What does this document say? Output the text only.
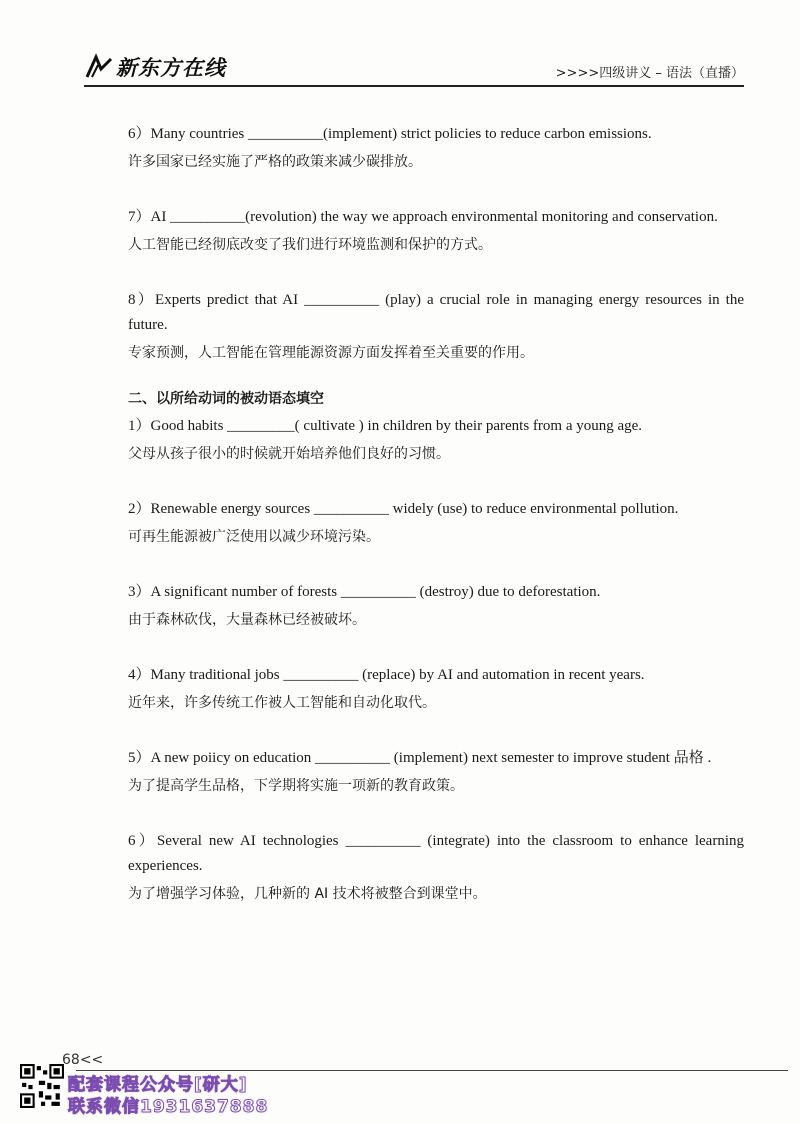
新东方在线	>>>>四级讲义 – 语法（直播）
6）Many countries __________(implement) strict policies to reduce carbon emissions.
许多国家已经实施了严格的政策来减少碳排放。
7）AI __________(revolution) the way we approach environmental monitoring and conservation.
人工智能已经彻底改变了我们进行环境监测和保护的方式。
8）Experts predict that AI __________ (play) a crucial role in managing energy resources in the future.
专家预测，人工智能在管理能源资源方面发挥着至关重要的作用。
二、以所给动词的被动语态填空
1）Good habits _________( cultivate ) in children by their parents from a young age.
父母从孩子很小的时候就开始培养他们良好的习惯。
2）Renewable energy sources __________ widely (use) to reduce environmental pollution.
可再生能源被广泛使用以减少环境污染。
3）A significant number of forests __________ (destroy) due to deforestation.
由于森林砍伐，大量森林已经被破坏。
4）Many traditional jobs __________ (replace) by AI and automation in recent years.
近年来，许多传统工作被人工智能和自动化取代。
5）A new poiicy on education __________ (implement) next semester to improve student 品格 .
为了提高学生品格，下学期将实施一项新的教育政策。
6）Several new AI technologies __________ (integrate) into the classroom to enhance learning experiences.
为了增强学习体验，几种新的 AI 技术将被整合到课堂中。
68<<
配套课程公众号[研大]
联系微信1931637888
